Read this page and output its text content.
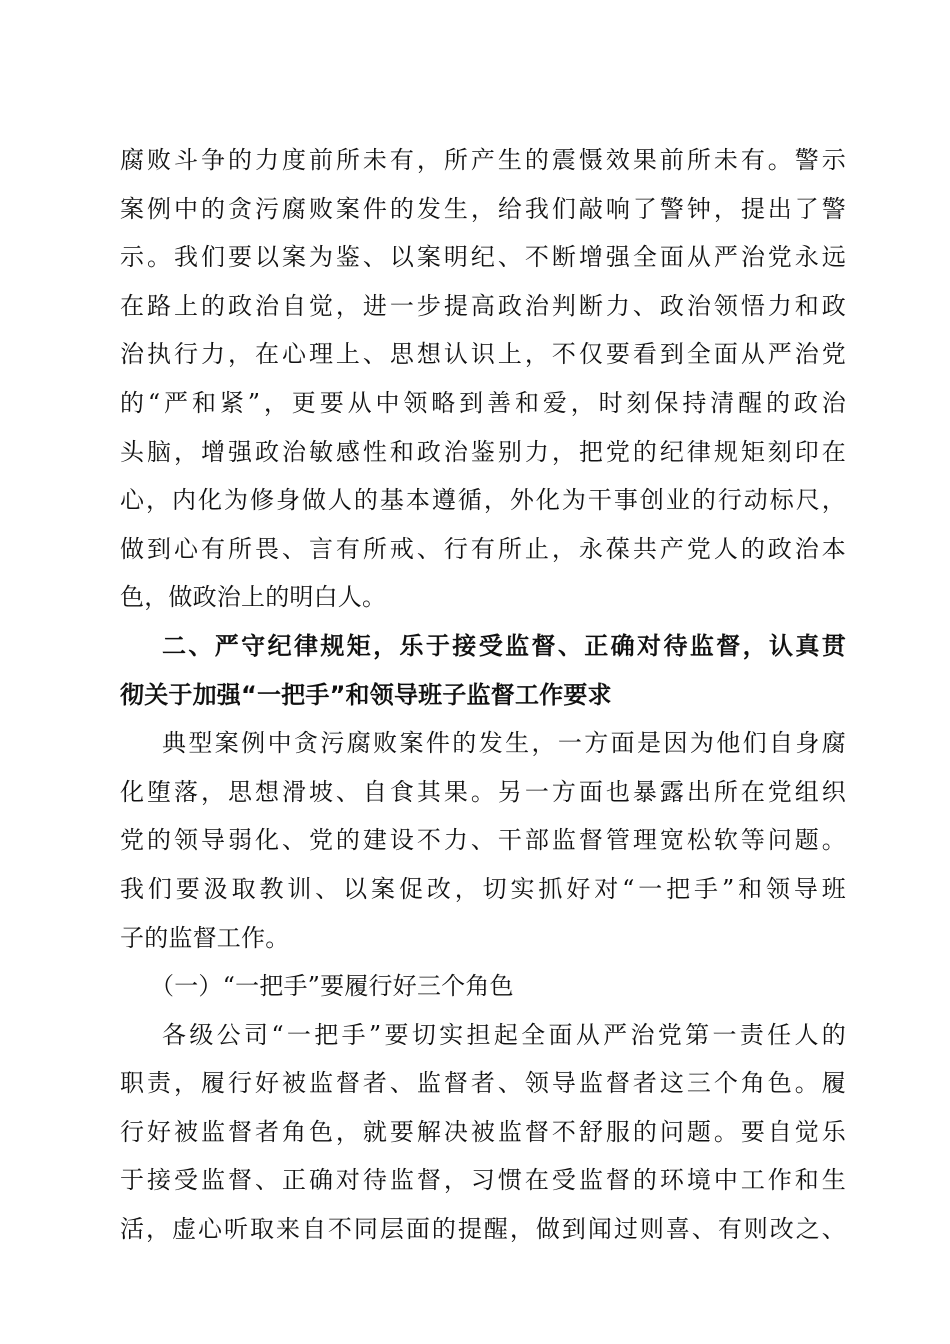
腐败斗争的力度前所未有，所产生的震慑效果前所未有。警示
案例中的贪污腐败案件的发生，给我们敲响了警钟，提出了警
示。我们要以案为鉴、以案明纪、不断增强全面从严治党永远
在路上的政治自觉，进一步提高政治判断力、政治领悟力和政
治执行力，在心理上、思想认识上，不仅要看到全面从严治党
的“严和紧”，更要从中领略到善和爱，时刻保持清醒的政治
头脑，增强政治敏感性和政治鉴别力，把党的纪律规矩刻印在
心，内化为修身做人的基本遵循，外化为干事创业的行动标尺，
做到心有所畏、言有所戒、行有所止，永葆共产党人的政治本
色，做政治上的明白人。
二、严守纪律规矩，乐于接受监督、正确对待监督，认真贯
彻关于加强“一把手”和领导班子监督工作要求
典型案例中贪污腐败案件的发生，一方面是因为他们自身腐
化堕落，思想滑坡、自食其果。另一方面也暴露出所在党组织
党的领导弱化、党的建设不力、干部监督管理宽松软等问题。
我们要汲取教训、以案促改，切实抓好对“一把手”和领导班
子的监督工作。
（一）“一把手”要履行好三个角色
各级公司“一把手”要切实担起全面从严治党第一责任人的
职责，履行好被监督者、监督者、领导监督者这三个角色。履
行好被监督者角色，就要解决被监督不舒服的问题。要自觉乐
于接受监督、正确对待监督，习惯在受监督的环境中工作和生
活，虚心听取来自不同层面的提醒，做到闻过则喜、有则改之、
